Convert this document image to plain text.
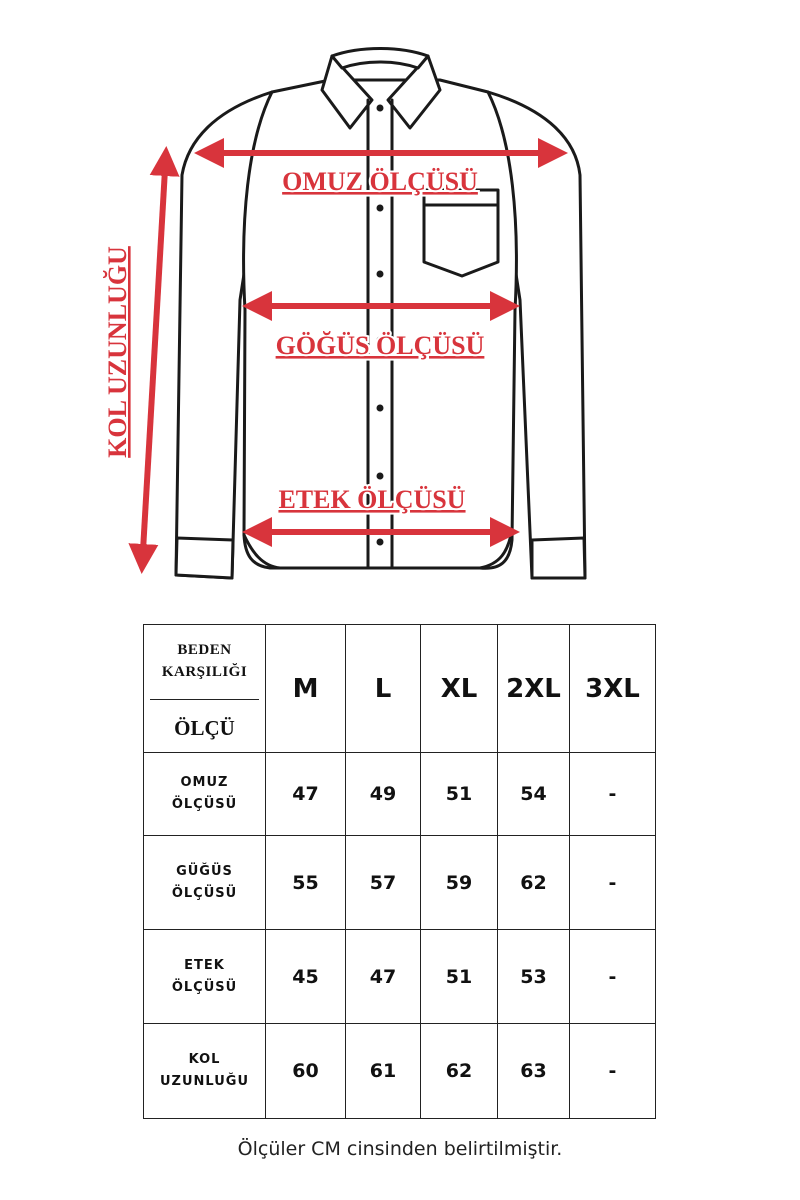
OMUZ ÖLÇÜSÜ
GÖĞÜS ÖLÇÜSÜ
ETEK ÖLÇÜSÜ
KOL UZUNLUĞU
BEDEN
KARŞILIĞI
ÖLÇÜ	M	L	XL	2XL	3XL
OMUZ
ÖLÇÜSÜ	47	49	51	54	-
GÜĞÜS
ÖLÇÜSÜ	55	57	59	62	-
ETEK
ÖLÇÜSÜ	45	47	51	53	-
KOL
UZUNLUĞU	60	61	62	63	-
Ölçüler CM cinsinden belirtilmiştir.
